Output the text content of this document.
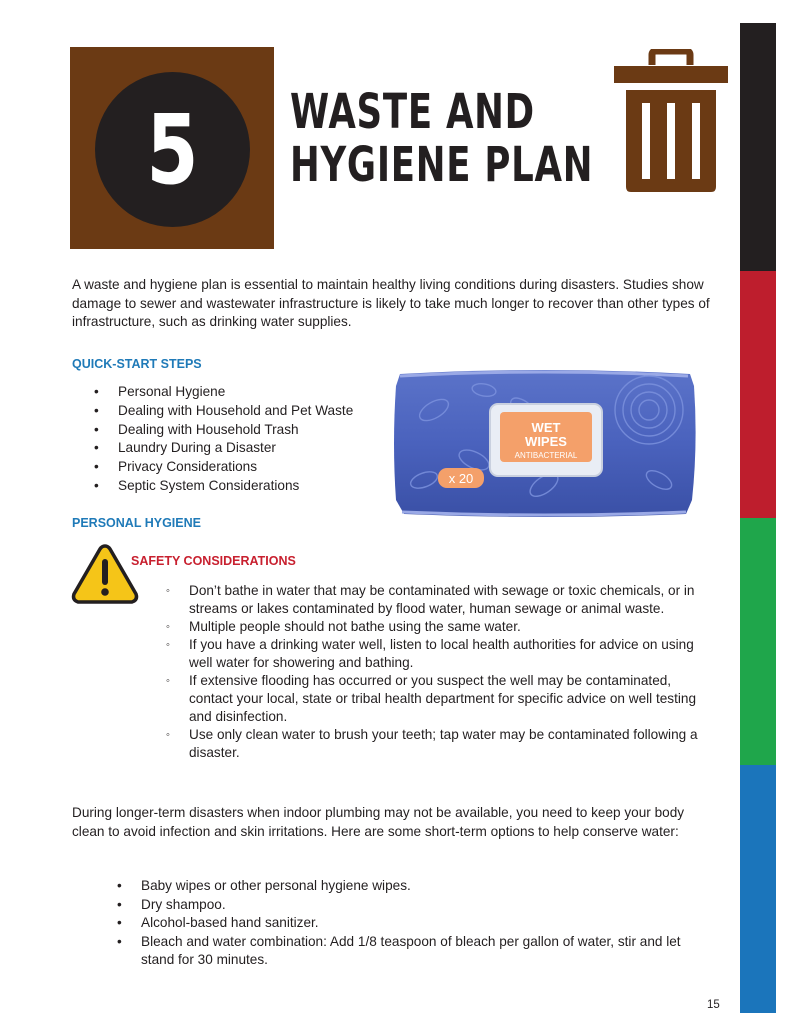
5 WASTE AND
HYGIENE PLAN
A waste and hygiene plan is essential to maintain healthy living conditions during disasters. Studies show damage to sewer and wastewater infrastructure is likely to take much longer to recover than other types of infrastructure, such as drinking water supplies.
QUICK-START STEPS
• Personal Hygiene
• Dealing with Household and Pet Waste
• Dealing with Household Trash
• Laundry During a Disaster
• Privacy Considerations
• Septic System Considerations
WET
WIPES
ANTIBACTERIAL
x 20
PERSONAL HYGIENE
SAFETY CONSIDERATIONS
◦ Don’t bathe in water that may be contaminated with sewage or toxic chemicals, or in streams or lakes contaminated by flood water, human sewage or animal waste.
◦ Multiple people should not bathe using the same water.
◦ If you have a drinking water well, listen to local health authorities for advice on using well water for showering and bathing.
◦ If extensive flooding has occurred or you suspect the well may be contaminated, contact your local, state or tribal health department for specific advice on well testing and disinfection.
◦ Use only clean water to brush your teeth; tap water may be contaminated following a disaster.
During longer-term disasters when indoor plumbing may not be available, you need to keep your body clean to avoid infection and skin irritations. Here are some short-term options to help conserve water:
• Baby wipes or other personal hygiene wipes.
• Dry shampoo.
• Alcohol-based hand sanitizer.
• Bleach and water combination: Add 1/8 teaspoon of bleach per gallon of water, stir and let stand for 30 minutes.
15
